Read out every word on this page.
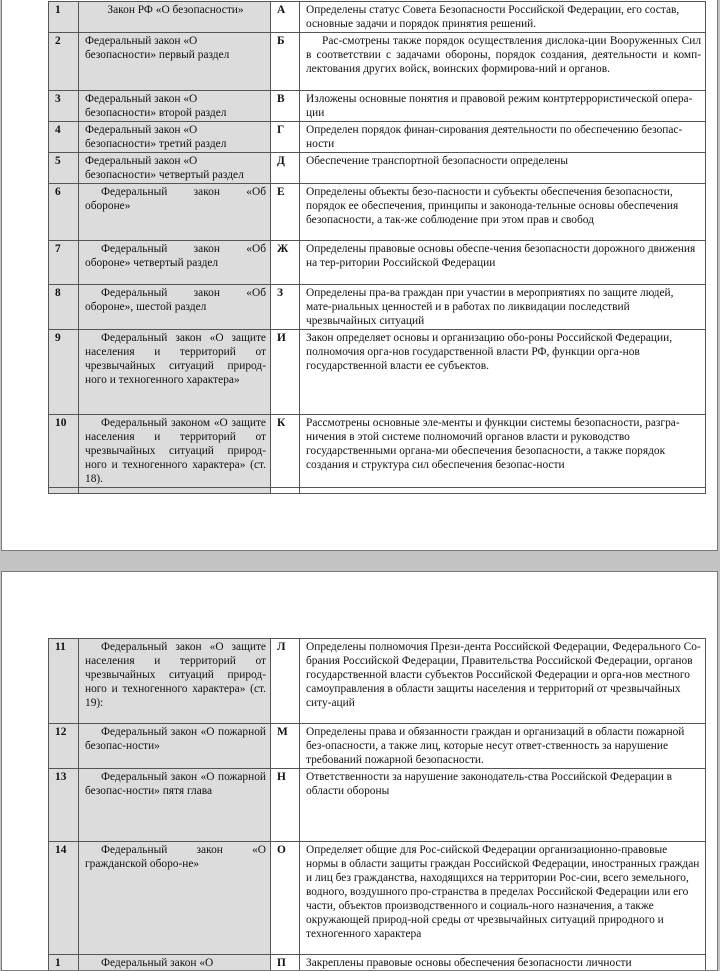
1	Закон РФ «О безопасности»	А	Определены статус Совета Безопасности Российской Федерации, его состав, основные задачи и порядок принятия решений.
2	Федеральный закон «О безопасности» первый раздел	Б	Рас-смотрены также порядок осуществления дислока-ции Вооруженных Сил в соответствии с задачами обороны, порядок создания, деятельности и комп-лектования других войск, воинских формирова-ний и органов.
3	Федеральный закон «О безопасности» второй раздел	В	Изложены основные понятия и правовой режим контртеррористической опера-ции
4	Федеральный закон «О безопасности» третий раздел	Г	Определен порядок финан-сирования деятельности по обеспечению безопас-ности
5	Федеральный закон «О безопасности» четвертый раздел	Д	Обеспечение транспортной безопасности определены
6	Федеральный закон «Об обороне»	Е	Определены объекты безо-пасности и субъекты обеспечения безопасности, порядок ее обеспечения, принципы и законода-тельные основы обеспечения безопасности, а так-же соблюдение при этом прав и свобод
7	Федеральный закон «Об обороне» четвертый раздел	Ж	Определены правовые основы обеспе-чения безопасности дорожного движения на тер-ритории Российской Федерации
8	Федеральный закон «Об обороне», шестой раздел	З	Определены пра-ва граждан при участии в мероприятиях по защите людей, мате-риальных ценностей и в работах по ликвидации последствий чрезвычайных ситуаций
9	Федеральный закон «О защите населения и территорий от чрезвычайных ситуаций природ-ного и техногенного характера»	И	Закон определяет основы и организацию обо-роны Российской Федерации, полномочия орга-нов государственной власти РФ, функции орга-нов государственной власти ее субъектов.
10	Федеральный законом «О защите населения и территорий от чрезвычайных ситуаций природ-ного и техногенного характера» (ст. 18).	К	Рассмотрены основные эле-менты и функции системы безопасности, разгра-ничения в этой системе полномочий органов власти и руководство государственными органа-ми обеспечения безопасности, а также порядок создания и структура сил обеспечения безопас-ности

11	Федеральный закон «О защите населения и территорий от чрезвычайных ситуаций природ-ного и техногенного характера» (ст. 19):	Л	Определены полномочия Прези-дента Российской Федерации, Федерального Со-брания Российской Федерации, Правительства Российской Федерации, органов государственной власти субъектов Российской Федерации и орга-нов местного самоуправления в области защиты населения и территорий от чрезвычайных ситу-аций
12	Федеральный закон «О пожарной безопас-ности»	М	Определены права и обязанности граждан и организаций в области пожарной без-опасности, а также лиц, которые несут ответ-ственность за нарушение требований пожарной безопасности.
13	Федеральный закон «О пожарной безопас-ности» пятя глава	Н	Ответственности за нарушение законодатель-ства Российской Федерации в области обороны
14	Федеральный закон «О гражданской оборо-не»	О	Определяет общие для Рос-сийской Федерации организационно-правовые нормы в области защиты граждан Российской Федерации, иностранных граждан и лиц без гражданства, находящихся на территории Рос-сии, всего земельного, водного, воздушного про-странства в пределах Российской Федерации или его части, объектов производственного и социаль-ного назначения, а также окружающей природ-ной среды от чрезвычайных ситуаций природного и техногенного характера
1	Федеральный закон «О	П	Закреплены правовые основы обеспечения безопасности личности
